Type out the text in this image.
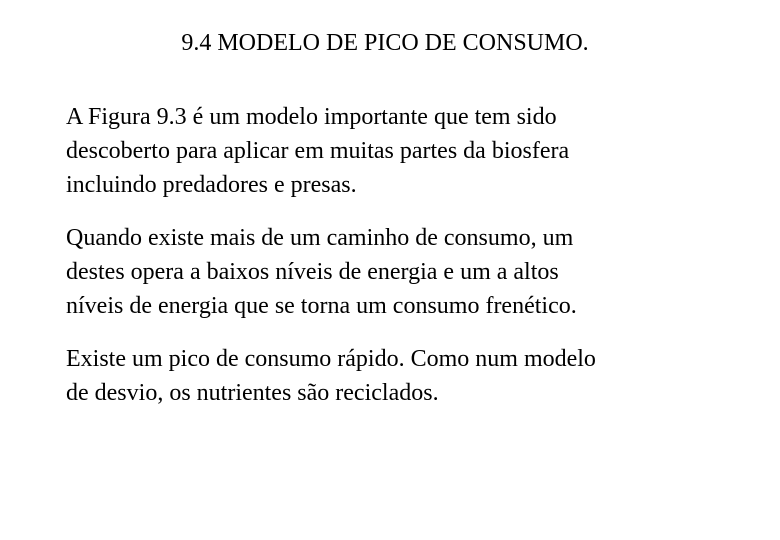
9.4 MODELO DE PICO DE CONSUMO.

A Figura 9.3 é um modelo importante que tem sido
descoberto para aplicar em muitas partes da biosfera
incluindo predadores e presas.

Quando existe mais de um caminho de consumo, um
destes opera a baixos níveis de energia e um a altos
níveis de energia que se torna um consumo frenético.

Existe um pico de consumo rápido. Como num modelo
de desvio, os nutrientes são reciclados.
